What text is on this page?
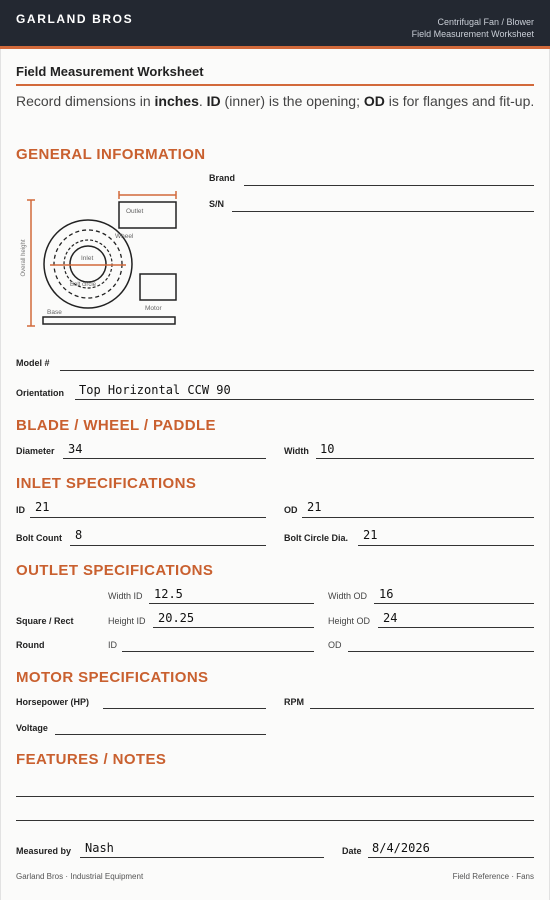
GARLAND BROS	Centrifugal Fan / Blower
Field Measurement Worksheet
Field Measurement Worksheet
Record dimensions in inches. ID (inner) is the opening; OD is for flanges and fit-up.
GENERAL INFORMATION
Brand
S/N
Overall height
Outlet
Wheel
Inlet
Bolt circle
Motor
Base
Model #
Orientation Top Horizontal CCW 90
BLADE / WHEEL / PADDLE
Diameter 34	Width 10
INLET SPECIFICATIONS
ID 21	OD 21
Bolt Count 8	Bolt Circle Dia. 21
OUTLET SPECIFICATIONS
Width ID 12.5	Width OD 16
Square / Rect	Height ID 20.25	Height OD 24
Round	ID	OD
MOTOR SPECIFICATIONS
Horsepower (HP)	RPM
Voltage
FEATURES / NOTES
Measured by Nash	Date 8/4/2026
Garland Bros · Industrial Equipment	Field Reference · Fans
